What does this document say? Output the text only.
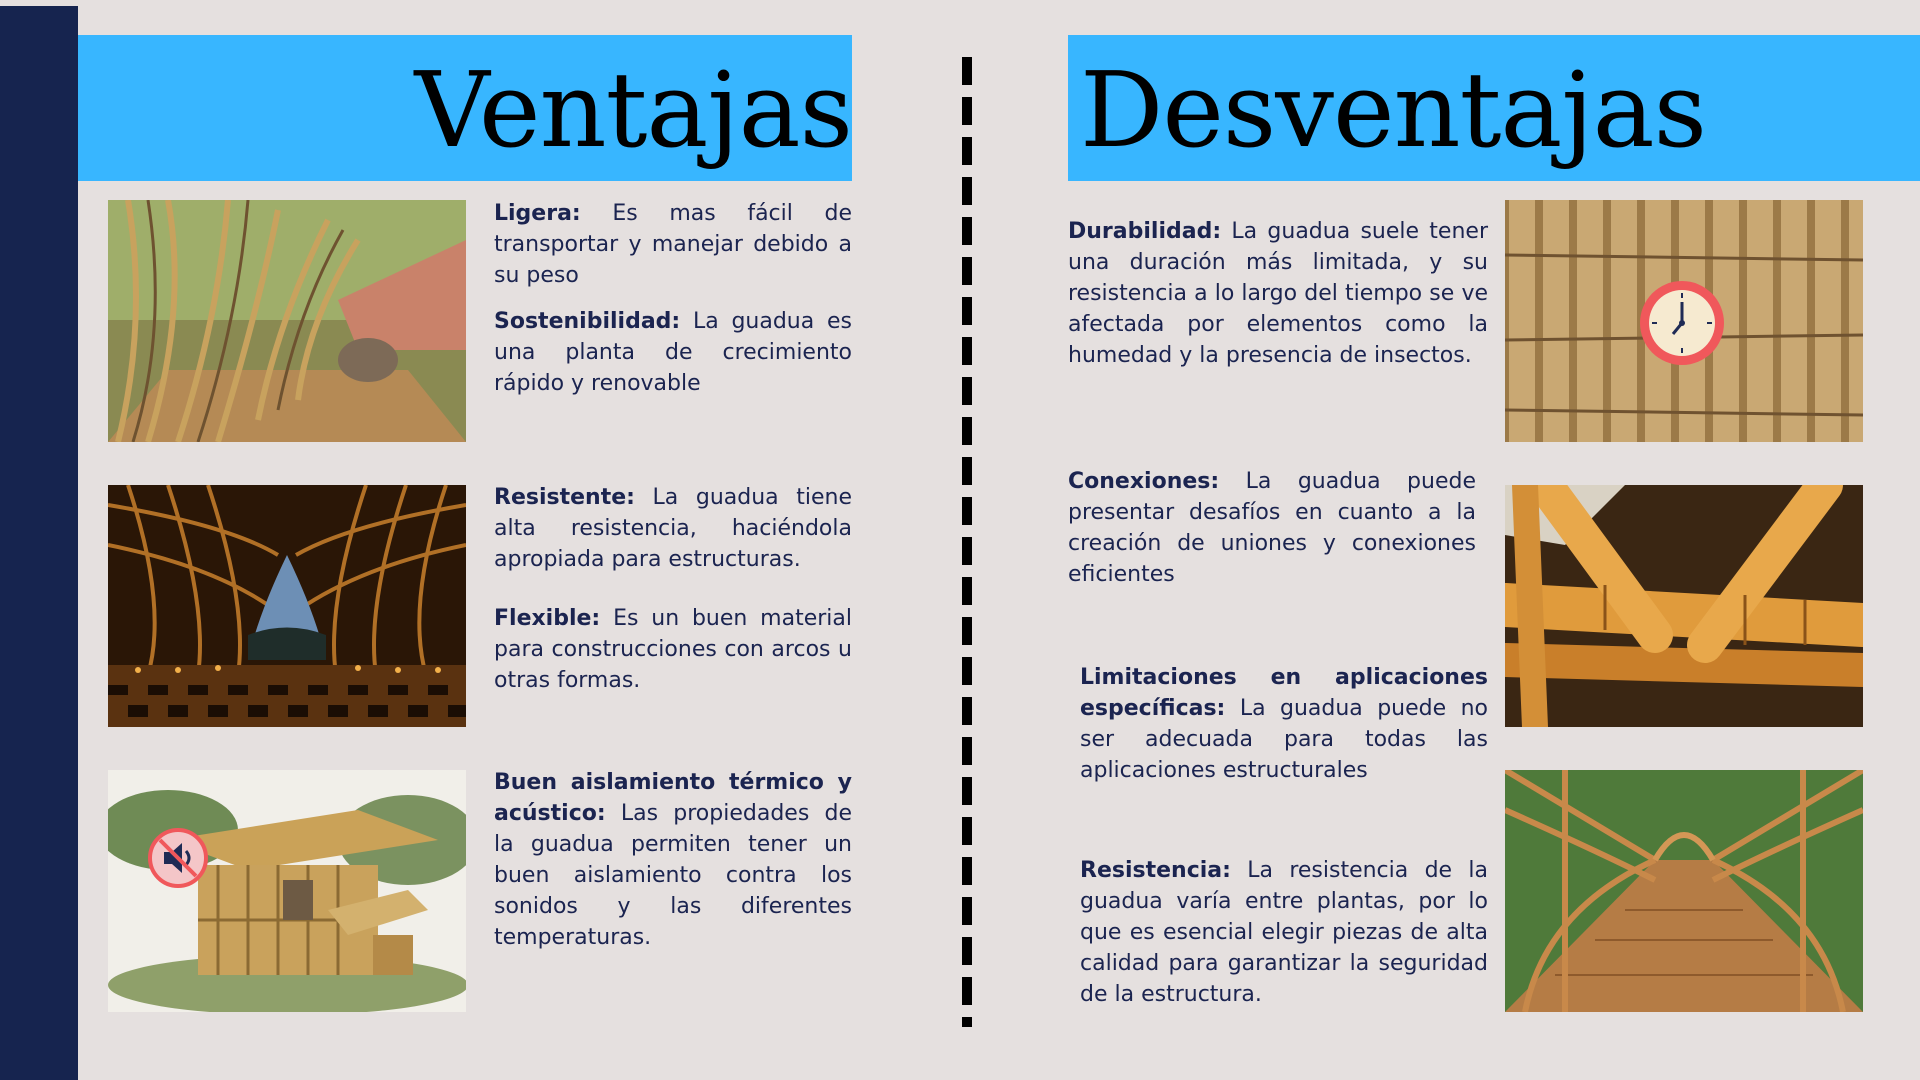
Ventajas Desventajas

Ligera: Es mas fácil de transportar y manejar debido a su peso

Sostenibilidad: La guadua es una planta de crecimiento rápido y renovable

Resistente: La guadua tiene alta resistencia, haciéndola apropiada para estructuras.

Flexible: Es un buen material para construcciones con arcos u otras formas.

Buen aislamiento térmico y acústico: Las propiedades de la guadua permiten tener un buen aislamiento contra los sonidos y las diferentes temperaturas.

Durabilidad: La guadua suele tener una duración más limitada, y su resistencia a lo largo del tiempo se ve afectada por elementos como la humedad y la presencia de insectos.

Conexiones: La guadua puede presentar desafíos en cuanto a la creación de uniones y conexiones eficientes

Limitaciones en aplicaciones específicas: La guadua puede no ser adecuada para todas las aplicaciones estructurales

Resistencia: La resistencia de la guadua varía entre plantas, por lo que es esencial elegir piezas de alta calidad para garantizar la seguridad de la estructura.
